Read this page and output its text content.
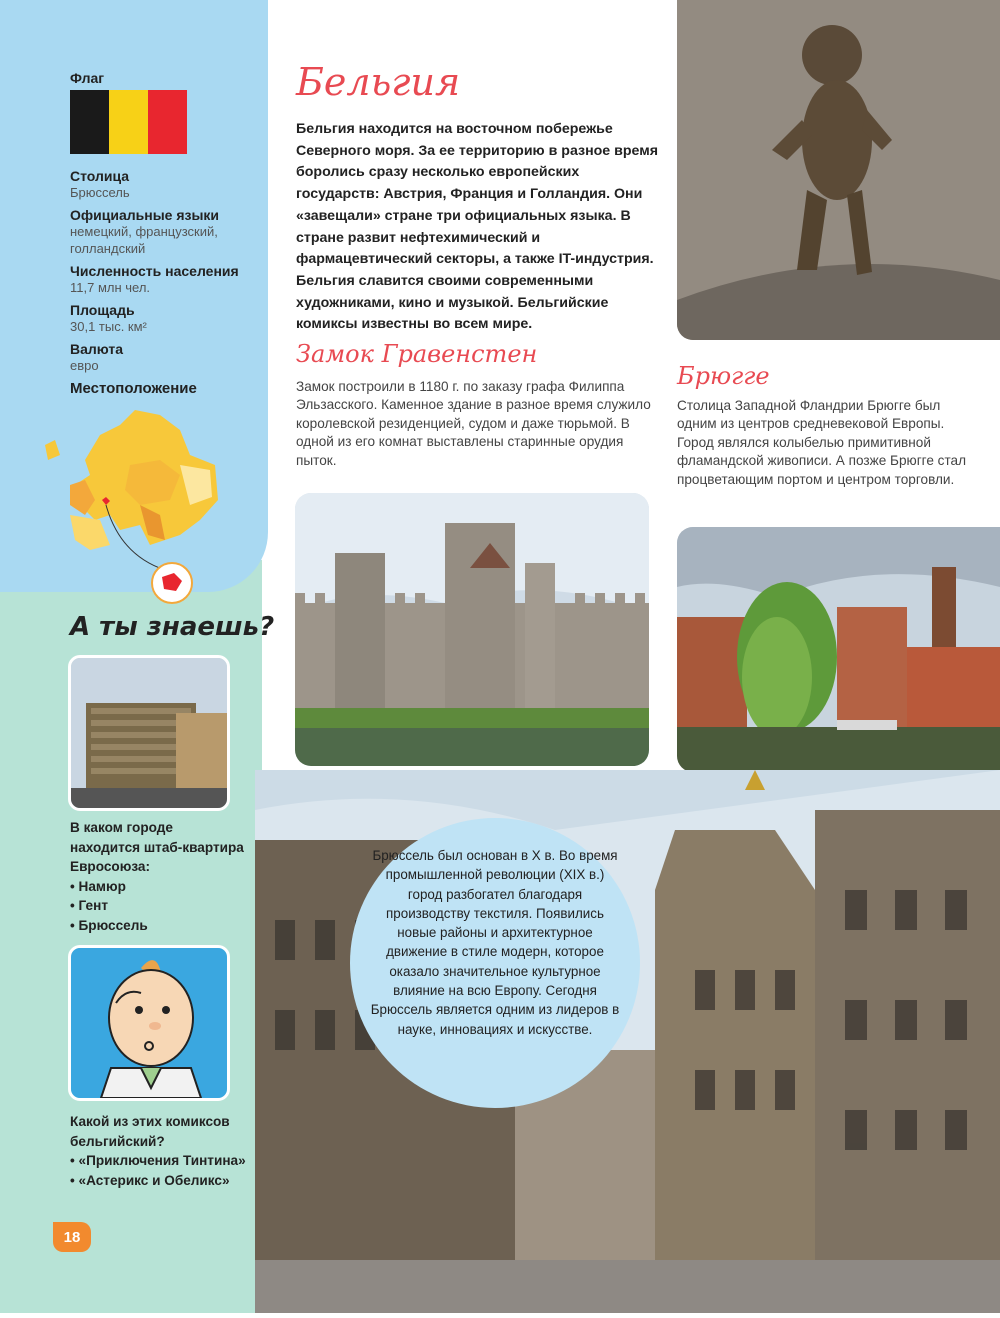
Флаг
Столица
Брюссель
Официальные языки
немецкий, французский, голландский
Численность населения
11,7 млн чел.
Площадь
30,1 тыс. км²
Валюта
евро
Местоположение
А ты знаешь?
В каком городе находится штаб-квартира Евросоюза:
• Намюр
• Гент
• Брюссель
Какой из этих комиксов бельгийский?
• «Приключения Тинтина»
• «Астерикс и Обеликс»
18
Бельгия
Бельгия находится на восточном побережье Северного моря. За ее территорию в разное время боролись сразу несколько европейских государств: Австрия, Франция и Голландия. Они «завещали» стране три официальных языка. В стране развит нефтехимический и фармацевтический секторы, а также IT-индустрия. Бельгия славится своими современными художниками, кино и музыкой. Бельгийские комиксы известны во всем мире.
Замок Гравенстен
Замок построили в 1180 г. по заказу графа Филиппа Эльзасского. Каменное здание в разное время служило королевской резиденцией, судом и даже тюрьмой. В одной из его комнат выставлены старинные орудия пыток.
Брюгге
Столица Западной Фландрии Брюгге был одним из центров средневековой Европы. Город являлся колыбелью примитивной фламандской живописи. А позже Брюгге стал процветающим портом и центром торговли.
Брюссель был основан в X в. Во время промышленной революции (XIX в.) город разбогател благодаря производству текстиля. Появились новые районы и архитектурное движение в стиле модерн, которое оказало значительное культурное влияние на всю Европу. Сегодня Брюссель является одним из лидеров в науке, инновациях и искусстве.
